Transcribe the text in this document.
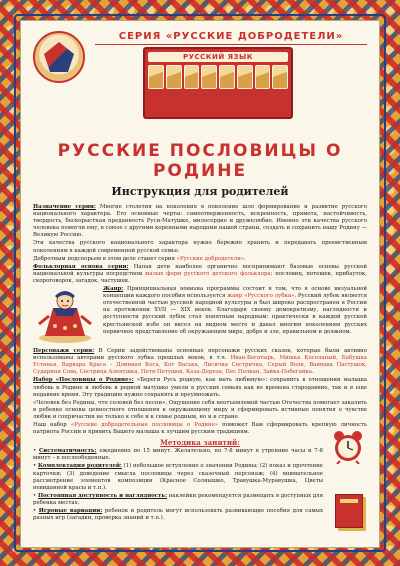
СЕРИЯ «РУССКИЕ ДОБРОДЕТЕЛИ»
РУССКИЙ ЯЗЫК
РУССКИЕ ПОСЛОВИЦЫ О РОДИНЕ
Инструкция для родителей

Назначение серии: Многие столетия на поколения в поколение шло формирование и развитие русского национального характера. Его основные черты: самоотверженность, искренность, прямота, настойчивость, твердость, бескорыстная преданность Руси-Матушке, милосердие и дружелюбие. Именно эти качества русского человека помогли ему, в союзе с другими коренными народами нашей страны, создать и сохранить нашу Родину — Великую Россию.

Эти качества русского национального характера нужно бережно хранить и передавать преемственным поколениям в каждой современной русской семье.

Добротным подспорьем в этом деле станет серия «Русские добродетели».

Фольклорная основа серии: Напая дети наиболее органично воспринимают базовые основы русской национальной культуры посредством малых форм русского детского фольклора: пословиц, потешек, прибауток, скороговорок, загадок, частушек.

Жанр: Принципиальная новизна программы состоит в том, что в основе визуальной концепции каждого пособия используется жанр «Русского лубка». Русский лубок является отечественной частью русской народной культуры и был широко распространен в России на протяжении XVII — XIX веков. Благодаря своему демократизму, наглядности и доступности русский лубок стал понятным народным: практически в каждой русской крестьянской избе он висел на видном месте и давал многим поколениям русских первичное представление об окружающем мире, добре и зле, правильном и должном.

Персонажи серии: В Серии задействованы основные персонажи русских сказок, которые были активно использованы авторами русского лубка прошлых веков, в т.ч. Иван-Богатырь, Мишка Косолапый, Бабушка Устинья, Варвара Краса – Длинная Коса, Кот Васька, Лисичка Сестричка, Серый Волк, Ванюша Пастушок, Судариня Сова, Сестрица Аленушка, Петя-Петушок, Коза-Дереза, Пес Полкан, Зайка-Побегайка.

Набор «Пословицы о Родине»: «Береги Русь родную, как мать любимую»: сохранить в отношении малыша любовь к Родине и любовь к родной матушке умели в русских семьях как во времена стародавние, так и в еще недавние время. Эту традицию нужно сохранять и преумножать.

«Человек без Родины, что соловей без песни». Ощущение себя неотъемлемой частью Отечества помогает закалить в ребенке основы ценностного отношения к окружающему миру и сформировать истинные понятия о чувстве любви и сопричастия не только к себе и к семье родным, но и к стране.

Наш набор «Русские добродетельные пословицы о Родине» поможет Вам сформировать крепкую личность патриота России и привить Вашего малыша к лучшим русским традициям.

Методика занятий:

• Систематичность: ежедневно по 15 минут. Желательно, по 7-8 минут в утренние часы и 7-8 минут – в послеобеденные.

• Комплектация родителей: (1) небольшое вступление о значении Родины; (2) показ и прочтение карточки; (3) доведение смысла пословицы через сказочный персонаж; (4) внимательное рассмотрение элементов композиции (Красное Солнышко, Травушка-Муравушка, Цветы невиданной красы и т.п.).

• Постоянная доступность и наглядность: наклейки рекомендуется размещать в доступных для ребенка местах.

• Игровые вариации: ребенок и родитель могут использовать развивающие пособия для самых разных игр (загадки, проверка знаний и т.п.).
